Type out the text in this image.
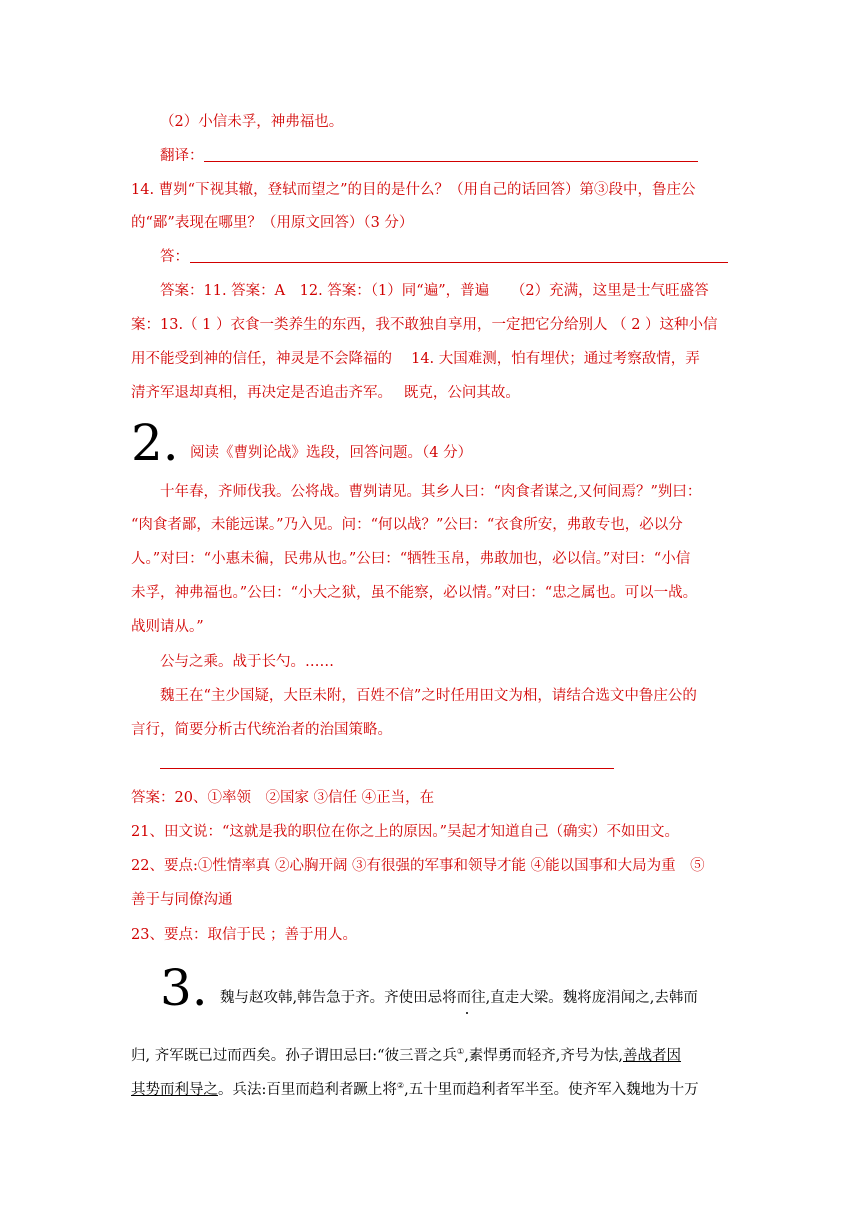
（2）小信未孚，神弗福也。
翻译：
14. 曹刿“下视其辙，登轼而望之”的目的是什么？（用自己的话回答）第③段中，鲁庄公
的“鄙”表现在哪里？（用原文回答）（3 分）
答：
答案：11. 答案：A　12. 答案：（1）同“遍”，普遍　　（2）充满，这里是士气旺盛答
案：13.（ 1 ）衣食一类养生的东西，我不敢独自享用，一定把它分给别人 （ 2 ）这种小信
用不能受到神的信任，神灵是不会降福的　 14. 大国难测，怕有埋伏；通过考察敌情，弄
清齐军退却真相，再决定是否追击齐军。　 既克，公问其故。
2. 阅读《曹刿论战》选段，回答问题。（4 分）
十年春，齐师伐我。公将战。曹刿请见。其乡人曰：“肉食者谋之,又何间焉？”刿曰：
“肉食者鄙，未能远谋。”乃入见。问：“何以战？”公曰：“衣食所安，弗敢专也，必以分
人。”对曰：“小惠未徧，民弗从也。”公曰：“牺牲玉帛，弗敢加也，必以信。”对曰：“小信
未孚，神弗福也。”公曰：“小大之狱，虽不能察，必以情。”对曰：“忠之属也。可以一战。
战则请从。”
公与之乘。战于长勺。……
魏王在“主少国疑，大臣未附，百姓不信”之时任用田文为相，请结合选文中鲁庄公的
言行，简要分析古代统治者的治国策略。
答案：20、①率领　②国家 ③信任 ④正当，在
21、田文说：“这就是我的职位在你之上的原因。”吴起才知道自己（确实）不如田文。
22、要点:①性情率真 ②心胸开阔 ③有很强的军事和领导才能 ④能以国事和大局为重　⑤
善于与同僚沟通
23、要点：取信于民 ；善于用人。
3. 魏与赵攻韩,韩告急于齐。齐使田忌将而往,直走大梁。魏将庞涓闻之,去韩而
归, 齐军既已过而西矣。孙子谓田忌曰:“彼三晋之兵①,素悍勇而轻齐,齐号为怯,善战者因
其势而利导之。兵法:百里而趋利者蹶上将②,五十里而趋利者军半至。使齐军入魏地为十万
